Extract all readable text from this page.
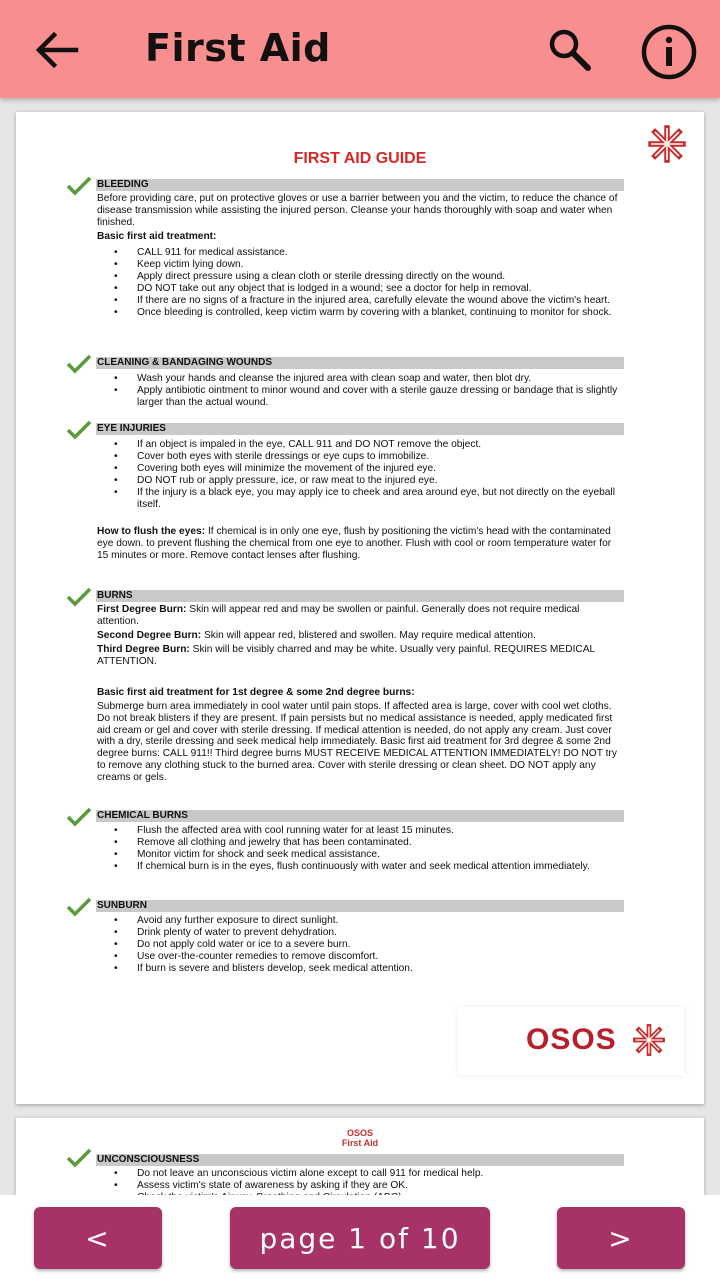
First Aid
FIRST AID GUIDE
BLEEDING
Before providing care, put on protective gloves or use a barrier between you and the victim, to reduce the chance of disease transmission while assisting the injured person. Cleanse your hands thoroughly with soap and water when finished.
Basic first aid treatment:
• CALL 911 for medical assistance.
• Keep victim lying down.
• Apply direct pressure using a clean cloth or sterile dressing directly on the wound.
• DO NOT take out any object that is lodged in a wound; see a doctor for help in removal.
• If there are no signs of a fracture in the injured area, carefully elevate the wound above the victim's heart.
• Once bleeding is controlled, keep victim warm by covering with a blanket, continuing to monitor for shock.
CLEANING & BANDAGING WOUNDS
• Wash your hands and cleanse the injured area with clean soap and water, then blot dry.
• Apply antibiotic ointment to minor wound and cover with a sterile gauze dressing or bandage that is slightly larger than the actual wound.
EYE INJURIES
• If an object is impaled in the eye, CALL 911 and DO NOT remove the object.
• Cover both eyes with sterile dressings or eye cups to immobilize.
• Covering both eyes will minimize the movement of the injured eye.
• DO NOT rub or apply pressure, ice, or raw meat to the injured eye.
• If the injury is a black eye, you may apply ice to cheek and area around eye, but not directly on the eyeball itself.
How to flush the eyes: If chemical is in only one eye, flush by positioning the victim's head with the contaminated eye down. to prevent flushing the chemical from one eye to another. Flush with cool or room temperature water for 15 minutes or more. Remove contact lenses after flushing.
BURNS
First Degree Burn: Skin will appear red and may be swollen or painful. Generally does not require medical attention.
Second Degree Burn: Skin will appear red, blistered and swollen. May require medical attention.
Third Degree Burn: Skin will be visibly charred and may be white. Usually very painful. REQUIRES MEDICAL ATTENTION.
Basic first aid treatment for 1st degree & some 2nd degree burns:
Submerge burn area immediately in cool water until pain stops. If affected area is large, cover with cool wet cloths. Do not break blisters if they are present. If pain persists but no medical assistance is needed, apply medicated first aid cream or gel and cover with sterile dressing. If medical attention is needed, do not apply any cream. Just cover with a dry, sterile dressing and seek medical help immediately. Basic first aid treatment for 3rd degree & some 2nd degree burns: CALL 911!! Third degree burns MUST RECEIVE MEDICAL ATTENTION IMMEDIATELY! DO NOT try to remove any clothing stuck to the burned area. Cover with sterile dressing or clean sheet. DO NOT apply any creams or gels.
CHEMICAL BURNS
• Flush the affected area with cool running water for at least 15 minutes.
• Remove all clothing and jewelry that has been contaminated.
• Monitor victim for shock and seek medical assistance.
• If chemical burn is in the eyes, flush continuously with water and seek medical attention immediately.
SUNBURN
• Avoid any further exposure to direct sunlight.
• Drink plenty of water to prevent dehydration.
• Do not apply cold water or ice to a severe burn.
• Use over-the-counter remedies to remove discomfort.
• If burn is severe and blisters develop, seek medical attention.
OSOS
OSOS
First Aid
UNCONSCIOUSNESS
• Do not leave an unconscious victim alone except to call 911 for medical help.
• Assess victim's state of awareness by asking if they are OK.
•
<	page 1 of 10	>
